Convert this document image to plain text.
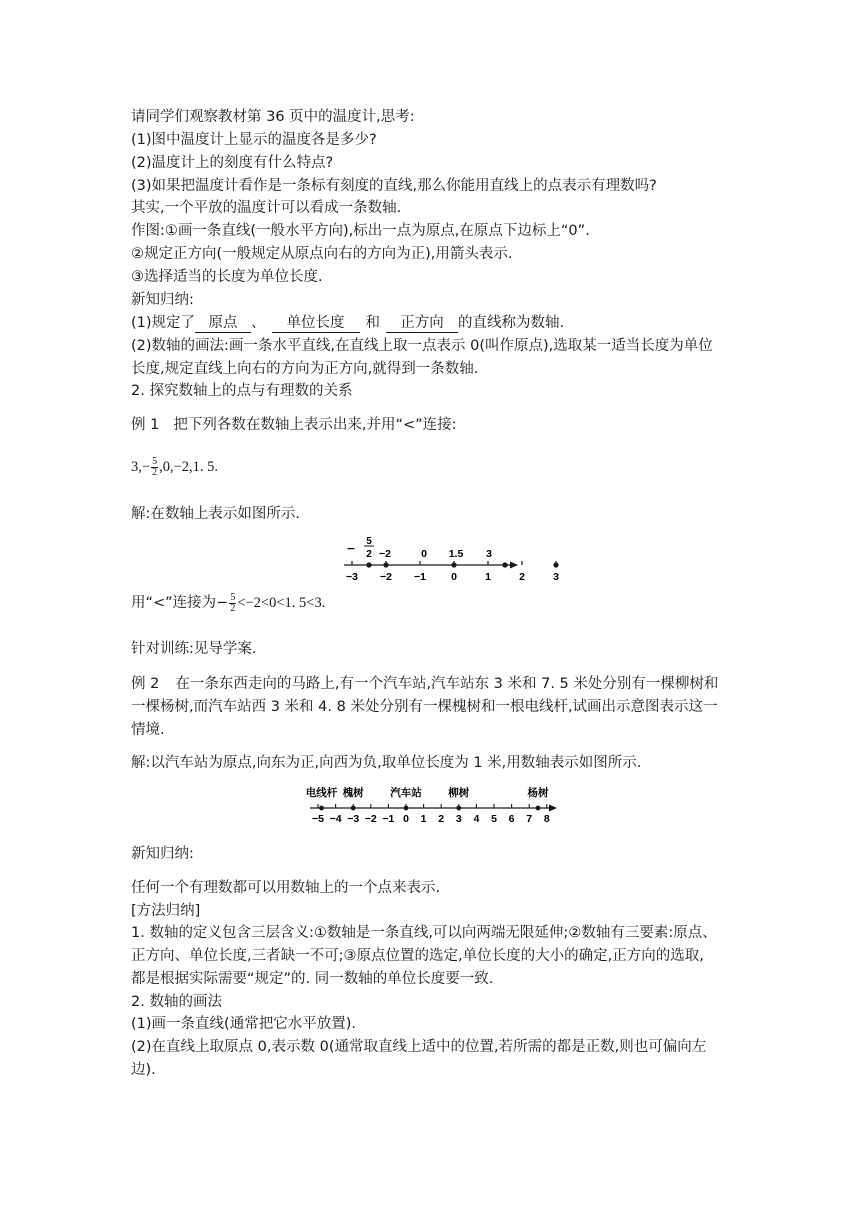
请同学们观察教材第 36 页中的温度计,思考:
(1)图中温度计上显示的温度各是多少?
(2)温度计上的刻度有什么特点?
(3)如果把温度计看作是一条标有刻度的直线,那么你能用直线上的点表示有理数吗?
其实,一个平放的温度计可以看成一条数轴.
作图:①画一条直线(一般水平方向),标出一点为原点,在原点下边标上“0”.
②规定正方向(一般规定从原点向右的方向为正),用箭头表示.
③选择适当的长度为单位长度.
新知归纳:
(1)规定了 原点 、 单位长度 和 正方向 的直线称为数轴.
(2)数轴的画法:画一条水平直线,在直线上取一点表示 0(叫作原点),选取某一适当长度为单位
长度,规定直线上向右的方向为正方向,就得到一条数轴.
2. 探究数轴上的点与有理数的关系
例 1 把下列各数在数轴上表示出来,并用“<”连接:
$3,- \frac{5}{2} ,0,-2,1$. 5.
解:在数轴上表示如图所示.
−
5
2 −2	0 1.5 3
−3 −2 −1 0	1	2	3
用“<”连接为− $\frac{5}{2} <-2<0<1$. 5<3.
针对训练:见导学案.
例 2 在一条东西走向的马路上,有一个汽车站,汽车站东 3 米和 7. 5 米处分别有一棵柳树和
一棵杨树,而汽车站西 3 米和 4. 8 米处分别有一棵槐树和一根电线杆,试画出示意图表示这一
情境.
解:以汽车站为原点,向东为正,向西为负,取单位长度为 1 米,用数轴表示如图所示.
电线杆 槐树	汽车站	柳树	杨树
−5 −4 −3 −2 −1 0 1 2 3 4 5 6 7 8
新知归纳:
任何一个有理数都可以用数轴上的一个点来表示.
[方法归纳]
1. 数轴的定义包含三层含义:①数轴是一条直线,可以向两端无限延伸;②数轴有三要素:原点、
正方向、单位长度,三者缺一不可;③原点位置的选定,单位长度的大小的确定,正方向的选取,
都是根据实际需要“规定”的. 同一数轴的单位长度要一致.
2. 数轴的画法
(1)画一条直线(通常把它水平放置).
(2)在直线上取原点 0,表示数 0(通常取直线上适中的位置,若所需的都是正数,则也可偏向左
边).
